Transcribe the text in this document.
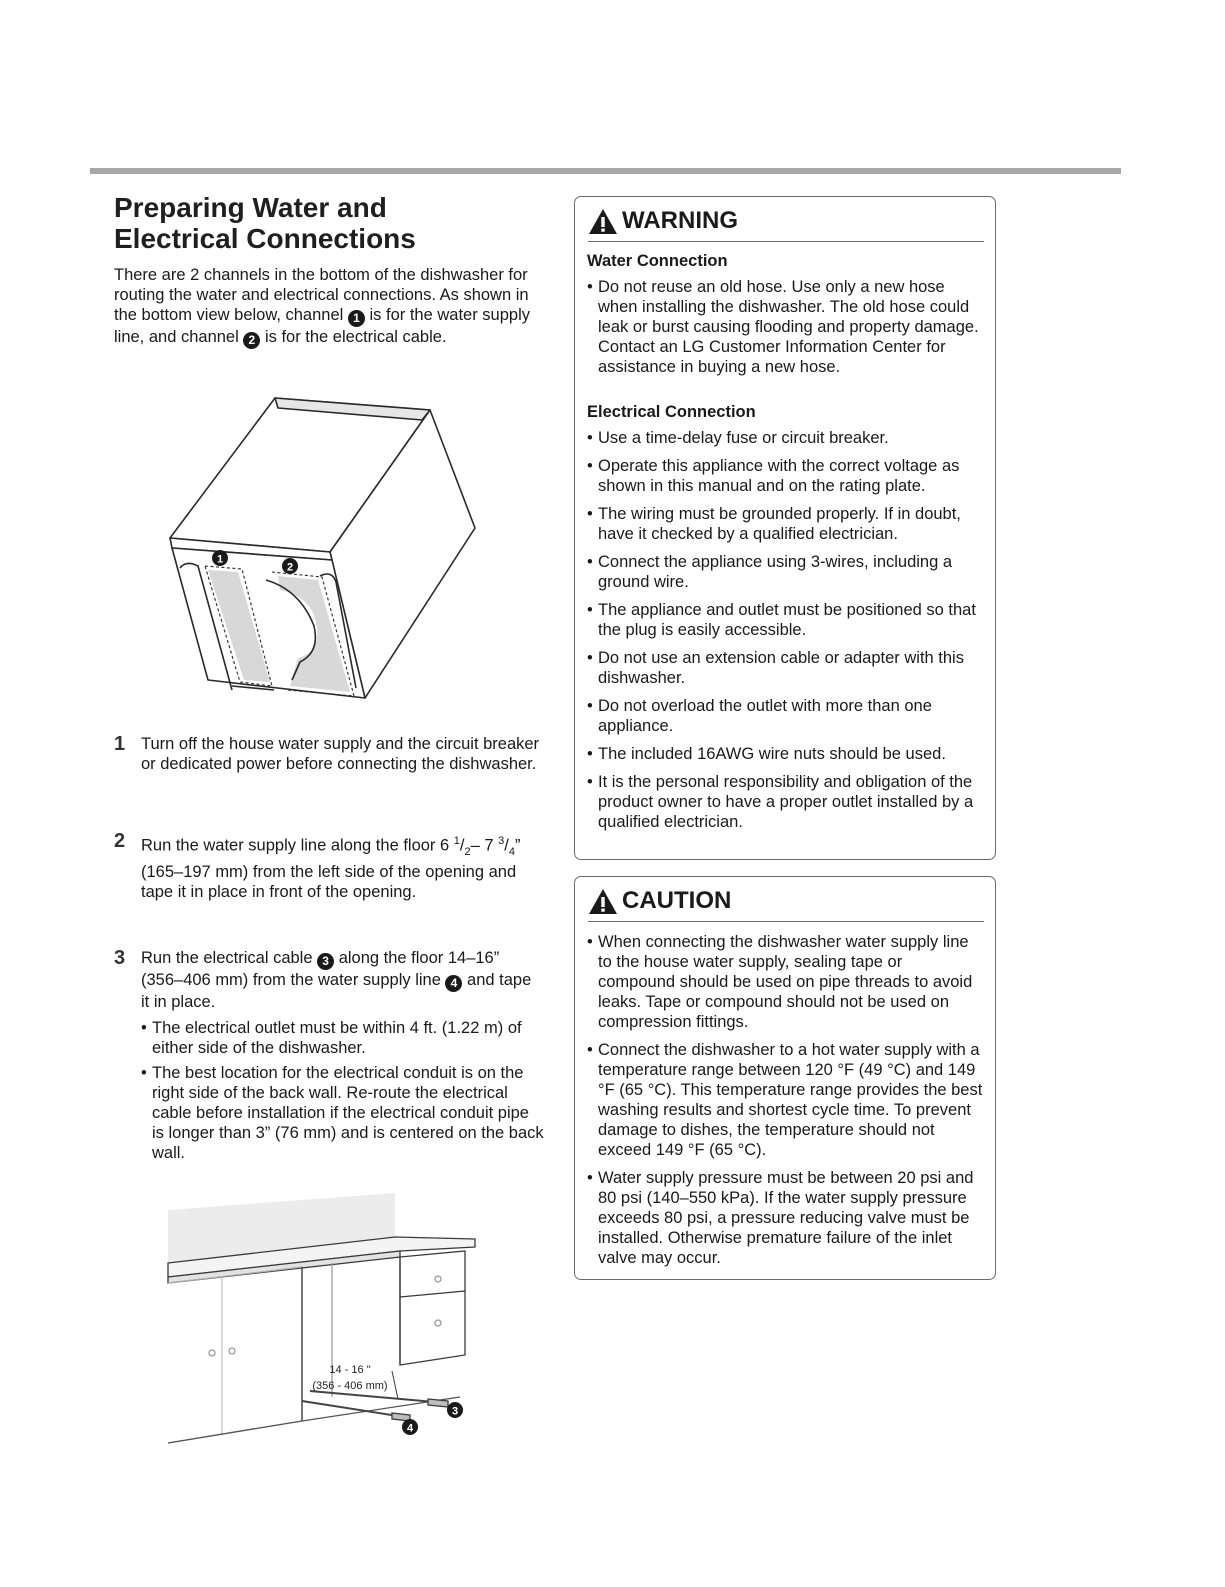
Preparing Water and
Electrical Connections

There are 2 channels in the bottom of the dishwasher for routing the water and electrical connections. As shown in the bottom view below, channel 1 is for the water supply line, and channel 2 is for the electrical cable.

1
2
1 Turn off the house water supply and the circuit breaker or dedicated power before connecting the dishwasher.
2 Run the water supply line along the floor 6 $^1/_2-$ 7 $^3/_4$” (165–197 mm) from the left side of the opening and tape it in place in front of the opening.
3 Run the electrical cable 3 along the floor 14–16” (356–406 mm) from the water supply line 4 and tape it in place.
• The electrical outlet must be within 4 ft. (1.22 m) of either side of the dishwasher.
• The best location for the electrical conduit is on the right side of the back wall. Re-route the electrical cable before installation if the electrical conduit pipe is longer than 3” (76 mm) and is centered on the back wall.
14 - 16 "
(356 - 406 mm)
3
4
WARNING
Water Connection
• Do not reuse an old hose. Use only a new hose when installing the dishwasher. The old hose could leak or burst causing flooding and property damage. Contact an LG Customer Information Center for assistance in buying a new hose.
Electrical Connection
• Use a time-delay fuse or circuit breaker.
• Operate this appliance with the correct voltage as shown in this manual and on the rating plate.
• The wiring must be grounded properly. If in doubt, have it checked by a qualified electrician.
• Connect the appliance using 3-wires, including a ground wire.
• The appliance and outlet must be positioned so that the plug is easily accessible.
• Do not use an extension cable or adapter with this dishwasher.
• Do not overload the outlet with more than one appliance.
• The included 16AWG wire nuts should be used.
• It is the personal responsibility and obligation of the product owner to have a proper outlet installed by a qualified electrician.
CAUTION
• When connecting the dishwasher water supply line to the house water supply, sealing tape or compound should be used on pipe threads to avoid leaks. Tape or compound should not be used on compression fittings.
• Connect the dishwasher to a hot water supply with a temperature range between 120 °F (49 °C) and 149 °F (65 °C). This temperature range provides the best washing results and shortest cycle time. To prevent damage to dishes, the temperature should not exceed 149 °F (65 °C).
• Water supply pressure must be between 20 psi and 80 psi (140–550 kPa). If the water supply pressure exceeds 80 psi, a pressure reducing valve must be installed. Otherwise premature failure of the inlet valve may occur.
